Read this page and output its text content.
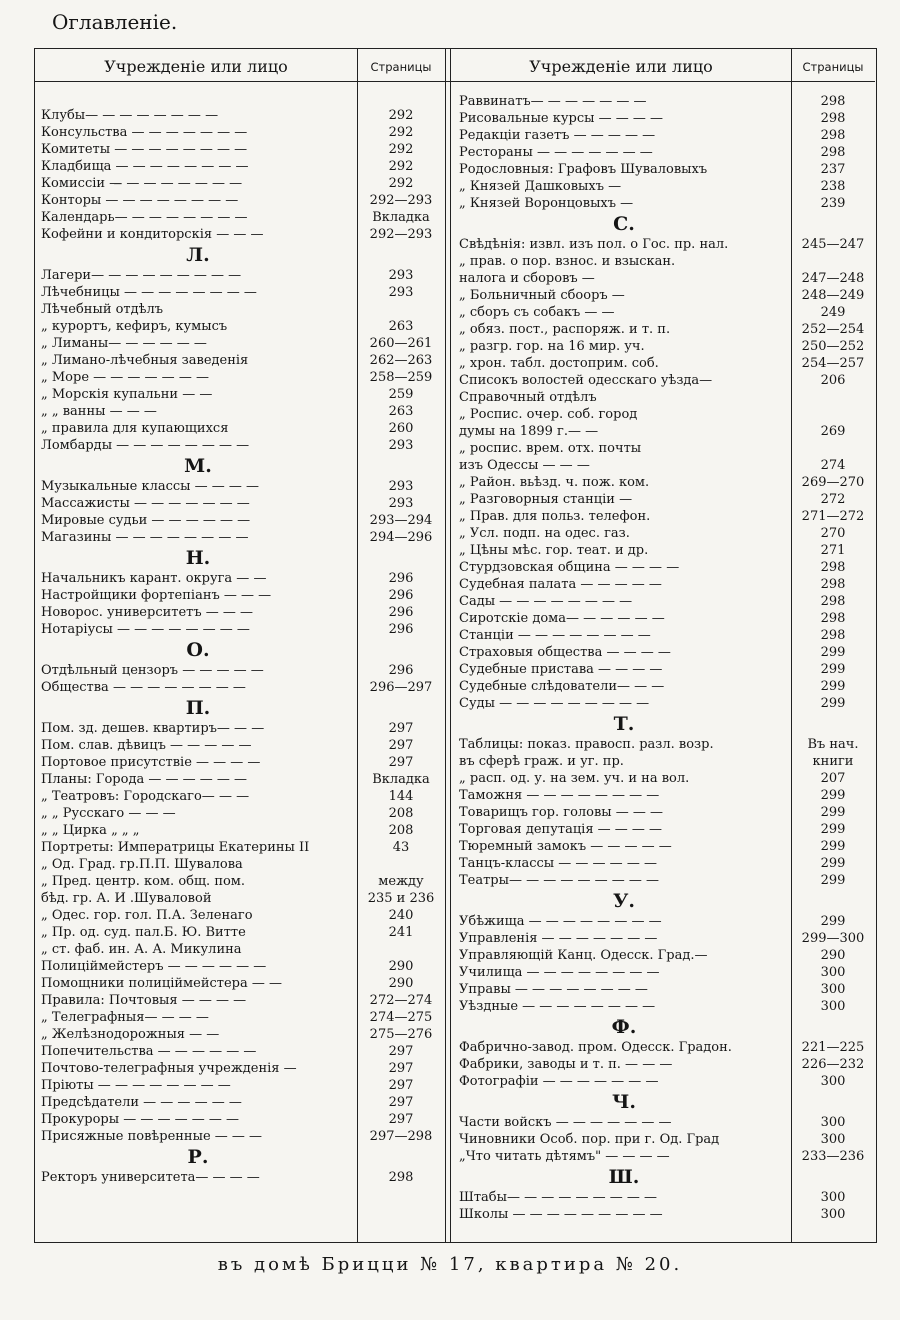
Оглавленiе.
Учрежденіе или лицо	Страницы	Учрежденіе или лицо	Страницы
Клубы— — — — — — — —	292
Консульства — — — — — — —	292
Комитеты — — — — — — — —	292
Кладбища — — — — — — — —	292
Комиссіи —̶ — — — — — — —	292
Конторы — — — — — — — —	292—293
Календарь— — — — — — — —	Вкладка
Кофейни и кондиторскія — — —	292—293
Л.
Лагери— — — — — — — — —	293
Лѣчебницы — — — — — — — —	293
Лѣчебный отдѣлъ
„ курортъ, кефиръ, кумысъ	263
„ Лиманы— — — — — —	260—261
„ Лимано-лѣчебныя заведенія	262—263
„ Море — — — — — — —	258—259
„ Морскія купальни — —	259
„ „ ванны — — —	263
„ правила для купающихся	260
Ломбарды — — — — — — — —	293
М.
Музыкальные классы — — — —	293
Массажисты — — — — — — —	293
Мировые судьи — — — — — —	293—294
Магазины — — — — — — — —	294—296
Н.
Начальникъ карант. округа — —	296
Настройщики фортепіанъ — — —	296
Новорос. университетъ — — —	296
Нотаріусы — — — — — — — —	296
О.
Отдѣльный цензоръ — — — — —	296
Общества — — — — — — — —	296—297
П.
Пом. зд. дешев. квартиръ— — —	297
Пом. слав. дѣвицъ — — — — —	297
Портовое присутствіе — — — —	297
Планы: Города — — — — — —	Вкладка
„ Театровъ: Городскаго— — —	144
„ „ Русскаго — — —	208
„ „ Цирка „ „ „	208
Портреты: Императрицы Екатерины II	43
„ Од. Град. гр.П.П. Шувалова
„ Пред. центр. ком. общ. пом.	между
бѣд. гр. А. И .Шуваловой	235 и 236
„ Одес. гор. гол. П.А. Зеленаго	240
„ Пр. од. суд. пал.Б. Ю. Витте	241
„ ст. фаб. ин. А. А. Микулина
Полиціймейстеръ — — — — — —	290
Помощники полиціймейстера — —	290
Правила: Почтовыя — — — —	272—274
„ Телеграфныя— — — —	274—275
„ Желѣзнодорожныя — —	275—276
Попечительства — — — — — —	297
Почтово-телеграфныя учрежденія —	297
Пріюты — — — — — — — —	297
Предсѣдатели — — — — — —	297
Прокуроры — — — — — — —	297
Присяжные повѣренные — — —	297—298
Р.
Ректоръ университета— — — —	298
Раввинатъ— — — — — — —	298
Рисовальные курсы — — — —	298
Редакціи газетъ — — — — —	298
Рестораны — — — — — — —	298
Родословныя: Графовъ Шуваловыхъ	237
„ Князей Дашковыхъ —	238
„ Князей Воронцовыхъ —	239
С.
Свѣдѣнія: извл. изъ пол. о Гос. пр. нал.	245—247
„ прав. о пор. взнос. и взыскан.
налога и сборовъ —	247—248
„ Больничный сбооръ —	248—249
„ сборъ съ собакъ — —	249
„ обяз. пост., распоряж. и т. п.	252—254
„ разгр. гор. на 16 мир. уч.	250—252
„ хрон. табл. достоприм. соб.	254—257
Списокъ волостей одесскаго уѣзда—	206
Справочный отдѣлъ
„ Роспис. очер. соб. город
думы на 1899 г.— —	269
„ роспис. врем. отх. почты
изъ Одессы — — —	274
„ Район. вьѣзд. ч. пож. ком.	269—270
„ Разговорныя станціи —	272
„ Прав. для польз. телефон.	271—272
„ Усл. подп. на одес. газ.	270
„ Цѣны мѣс. гор. теат. и др.	271
Стурдзовская община — — — —	298
Судебная палата — — — — —	298
Сады — — — — — — — —	298
Сиротскіе дома— — — — — —	298
Станціи — — — — — — — —	298
Страховыя общества — — — —	299
Судебные пристава — — — —	299
Судебные слѣдователи— — —	299
Суды — — — — — — — — —	299
Т.
Таблицы: показ. правосп. разл. возр.	Въ нач.
въ сферѣ граж. и уг. пр.	книги
„ расп. од. у. на зем. уч. и на вол.	207
Таможня — — — — — — — —	299
Товарищъ гор. головы — — —	299
Торговая депутація — — — —	299
Тюремный замокъ — — — — —	299
Танцъ-классы — — — — — —	299
Театры— — — — — — — — —	299
У.
Убѣжища — — — — — — — —	299
Управленія — — — — — — —	299—300
Управляющій Канц. Одесск. Град.—	290
Училища — — — — — — — —	300
Управы — — — — — — — —	300
Уѣздные — — — — — — — —	300
Ф.
Фабрично-завод. пром. Одесск. Градон.	221—225
Фабрики, заводы и т. п. — — —	226—232
Фотографіи — — — — — — —	300
Ч.
Части войскъ — — — — — — —	300
Чиновники Особ. пор. при г. Од. Град	300
„Что читать дѣтямъ" — — — —	233—236
Ш.
Штабы— — — — — — — — —	300
Школы — — — — — — — — —	300
въ домѣ Брицци № 17, квартира № 20.
